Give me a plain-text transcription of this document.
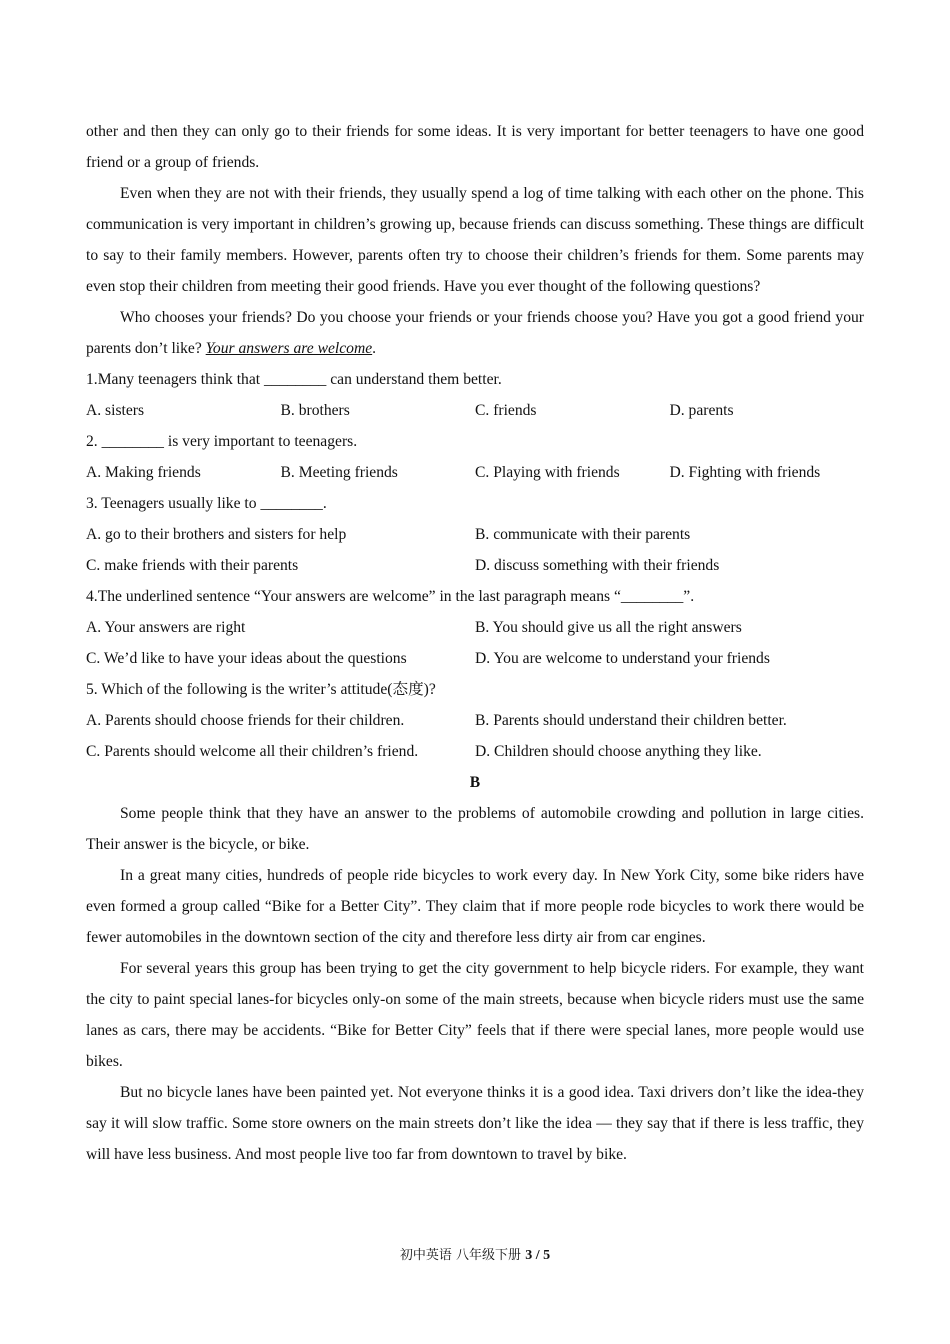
other and then they can only go to their friends for some ideas. It is very important for better teenagers to have one good friend or a group of friends.

Even when they are not with their friends, they usually spend a log of time talking with each other on the phone. This communication is very important in children’s growing up, because friends can discuss something. These things are difficult to say to their family members. However, parents often try to choose their children’s friends for them. Some parents may even stop their children from meeting their good friends. Have you ever thought of the following questions?

Who chooses your friends? Do you choose your friends or your friends choose you? Have you got a good friend your parents don’t like? Your answers are welcome.

1.Many teenagers think that ________ can understand them better.

A. sisters	B. brothers	C. friends	D. parents

2. ________ is very important to teenagers.

A. Making friends	B. Meeting friends	C. Playing with friends	D. Fighting with friends

3. Teenagers usually like to ________.

A. go to their brothers and sisters for help	B. communicate with their parents
C. make friends with their parents	D. discuss something with their friends

4.The underlined sentence “Your answers are welcome” in the last paragraph means “________”.

A. Your answers are right	B. You should give us all the right answers
C. We’d like to have your ideas about the questions	D. You are welcome to understand your friends

5. Which of the following is the writer’s attitude(态度)?

A. Parents should choose friends for their children.	B. Parents should understand their children better.
C. Parents should welcome all their children’s friend.	D. Children should choose anything they like.
B

Some people think that they have an answer to the problems of automobile crowding and pollution in large cities. Their answer is the bicycle, or bike.

In a great many cities, hundreds of people ride bicycles to work every day. In New York City, some bike riders have even formed a group called “Bike for a Better City”. They claim that if more people rode bicycles to work there would be fewer automobiles in the downtown section of the city and therefore less dirty air from car engines.

For several years this group has been trying to get the city government to help bicycle riders. For example, they want the city to paint special lanes-for bicycles only-on some of the main streets, because when bicycle riders must use the same lanes as cars, there may be accidents. “Bike for Better City” feels that if there were special lanes, more people would use bikes.

But no bicycle lanes have been painted yet. Not everyone thinks it is a good idea. Taxi drivers don’t like the idea-they say it will slow traffic. Some store owners on the main streets don’t like the idea — they say that if there is less traffic, they will have less business. And most people live too far from downtown to travel by bike.

初中英语 八年级下册 3 / 5
